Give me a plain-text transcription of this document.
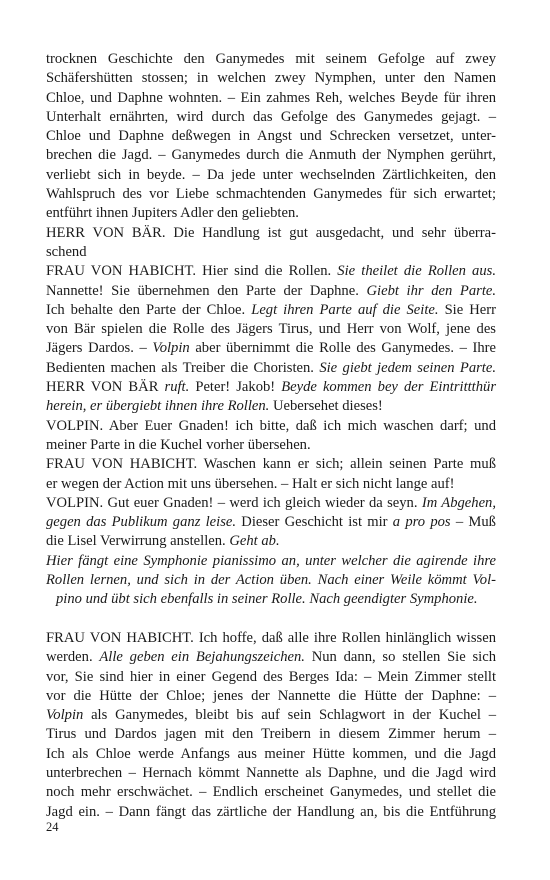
trocknen Geschichte den Ganymedes mit seinem Gefolge auf zwey
Schäfershütten stossen; in welchen zwey Nymphen, unter den Namen
Chloe, und Daphne wohnten. – Ein zahmes Reh, welches Beyde für ihren
Unterhalt ernährten, wird durch das Gefolge des Ganymedes gejagt. –
Chloe und Daphne deßwegen in Angst und Schrecken versetzet, unter-
brechen die Jagd. – Ganymedes durch die Anmuth der Nymphen gerührt,
verliebt sich in beyde. – Da jede unter wechselnden Zärtlichkeiten, den
Wahlspruch des vor Liebe schmachtenden Ganymedes für sich erwartet;
entführt ihnen Jupiters Adler den geliebten.
HERR VON BÄR. Die Handlung ist gut ausgedacht, und sehr überra-
schend
FRAU VON HABICHT. Hier sind die Rollen. Sie theilet die Rollen aus.
Nannette! Sie übernehmen den Parte der Daphne. Giebt ihr den Parte.
Ich behalte den Parte der Chloe. Legt ihren Parte auf die Seite. Sie Herr
von Bär spielen die Rolle des Jägers Tirus, und Herr von Wolf, jene des
Jägers Dardos. – Volpin aber übernimmt die Rolle des Ganymedes. – Ihre
Bedienten machen als Treiber die Choristen. Sie giebt jedem seinen Parte.
HERR VON BÄR ruft. Peter! Jakob! Beyde kommen bey der Eintrittthür
herein, er übergiebt ihnen ihre Rollen. Uebersehet dieses!
VOLPIN. Aber Euer Gnaden! ich bitte, daß ich mich waschen darf; und
meiner Parte in die Kuchel vorher übersehen.
FRAU VON HABICHT. Waschen kann er sich; allein seinen Parte muß
er wegen der Action mit uns übersehen. – Halt er sich nicht lange auf!
VOLPIN. Gut euer Gnaden! – werd ich gleich wieder da seyn. Im Abgehen,
gegen das Publikum ganz leise. Dieser Geschicht ist mir a pro pos – Muß
die Lisel Verwirrung anstellen. Geht ab.
Hier fängt eine Symphonie pianissimo an, unter welcher die agirende ihre
Rollen lernen, und sich in der Action üben. Nach einer Weile kömmt Vol-
pino und übt sich ebenfalls in seiner Rolle. Nach geendigter Symphonie.
FRAU VON HABICHT. Ich hoffe, daß alle ihre Rollen hinlänglich wissen
werden. Alle geben ein Bejahungszeichen. Nun dann, so stellen Sie sich
vor, Sie sind hier in einer Gegend des Berges Ida: – Mein Zimmer stellt
vor die Hütte der Chloe; jenes der Nannette die Hütte der Daphne: –
Volpin als Ganymedes, bleibt bis auf sein Schlagwort in der Kuchel –
Tirus und Dardos jagen mit den Treibern in diesem Zimmer herum –
Ich als Chloe werde Anfangs aus meiner Hütte kommen, und die Jagd
unterbrechen – Hernach kömmt Nannette als Daphne, und die Jagd wird
noch mehr erschwächet. – Endlich erscheinet Ganymedes, und stellet die
Jagd ein. – Dann fängt das zärtliche der Handlung an, bis die Entführung
24
